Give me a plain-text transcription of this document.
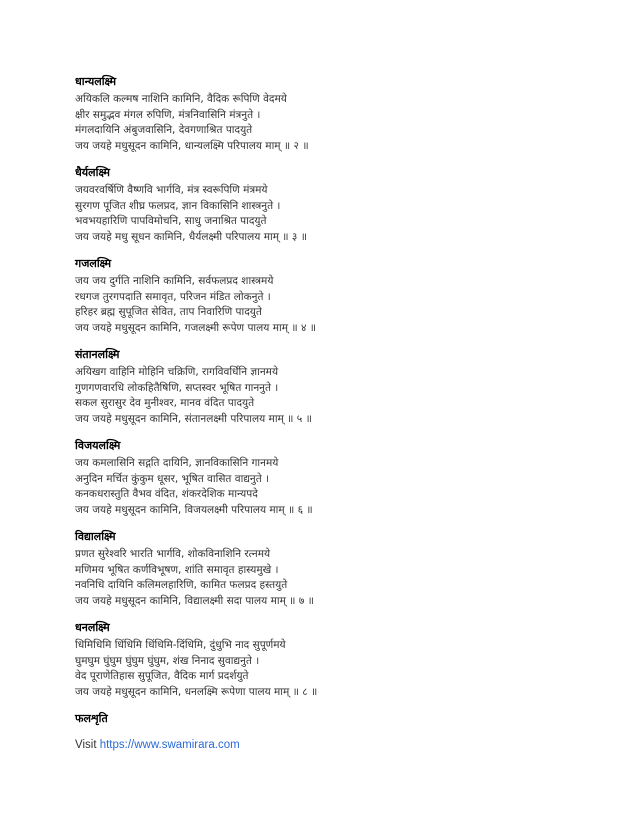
धान्यलक्ष्मि
अयिकलि कल्मष नाशिनि कामिनि, वैदिक रूपिणि वेदमये
क्षीर समुद्भव मंगल रुपिणि, मंत्रनिवासिनि मंत्रनुते ।
मंगलदायिनि अंबुजवासिनि, देवगणाश्रित पादयुते
जय जयहे मधुसूदन कामिनि, धान्यलक्ष्मि परिपालय माम् ॥ २ ॥
धैर्यलक्ष्मि
जयवरवर्षिणि वैष्णवि भार्गवि, मंत्र स्वरूपिणि मंत्रमये
सुरगण पूजित शीघ्र फलप्रद, ज्ञान विकासिनि शास्त्रनुते ।
भवभयहारिणि पापविमोचनि, साधु जनाश्रित पादयुते
जय जयहे मधु सूधन कामिनि, धैर्यलक्ष्मी परिपालय माम् ॥ ३ ॥
गजलक्ष्मि
जय जय दुर्गति नाशिनि कामिनि, सर्वफलप्रद शास्त्रमये
रधगज तुरगपदाति समावृत, परिजन मंडित लोकनुते ।
हरिहर ब्रह्म सुपूजित सेवित, ताप निवारिणि पादयुते
जय जयहे मधुसूदन कामिनि, गजलक्ष्मी रूपेण पालय माम् ॥ ४ ॥
संतानलक्ष्मि
अयिखग वाहिनि मोहिनि चक्रिणि, रागविवर्धिनि ज्ञानमये
गुणगणवारधि लोकहितैषिणि, सप्तस्वर भूषित गाननुते ।
सकल सुरासुर देव मुनीश्वर, मानव वंदित पादयुते
जय जयहे मधुसूदन कामिनि, संतानलक्ष्मी परिपालय माम् ॥ ५ ॥
विजयलक्ष्मि
जय कमलासिनि सद्गति दायिनि, ज्ञानविकासिनि गानमये
अनुदिन मर्चित कुंकुम धूसर, भूषित वासित वाद्यनुते ।
कनकधरास्तुति वैभव वंदित, शंकरदेशिक मान्यपदे
जय जयहे मधुसूदन कामिनि, विजयलक्ष्मी परिपालय माम् ॥ ६ ॥
विद्यालक्ष्मि
प्रणत सुरेश्वरि भारति भार्गवि, शोकविनाशिनि रत्नमये
मणिमय भूषित कर्णविभूषण, शांति समावृत हास्यमुखे ।
नवनिधि दायिनि कलिमलहारिणि, कामित फलप्रद हस्तयुते
जय जयहे मधुसूदन कामिनि, विद्यालक्ष्मी सदा पालय माम् ॥ ७ ॥
धनलक्ष्मि
धिमिधिमि धिंधिमि धिंधिमि-दिंधिमि, दुंधुभि नाद सुपूर्णमये
घुमघुम घुंघुम घुंघुम घुंघुम, शंख निनाद सुवाद्यनुते ।
वेद पूराणेतिहास सुपूजित, वैदिक मार्ग प्रदर्शयुते
जय जयहे मधुसूदन कामिनि, धनलक्ष्मि रूपेणा पालय माम् ॥ ८ ॥
फलशृति
Visit https://www.swamirara.com
